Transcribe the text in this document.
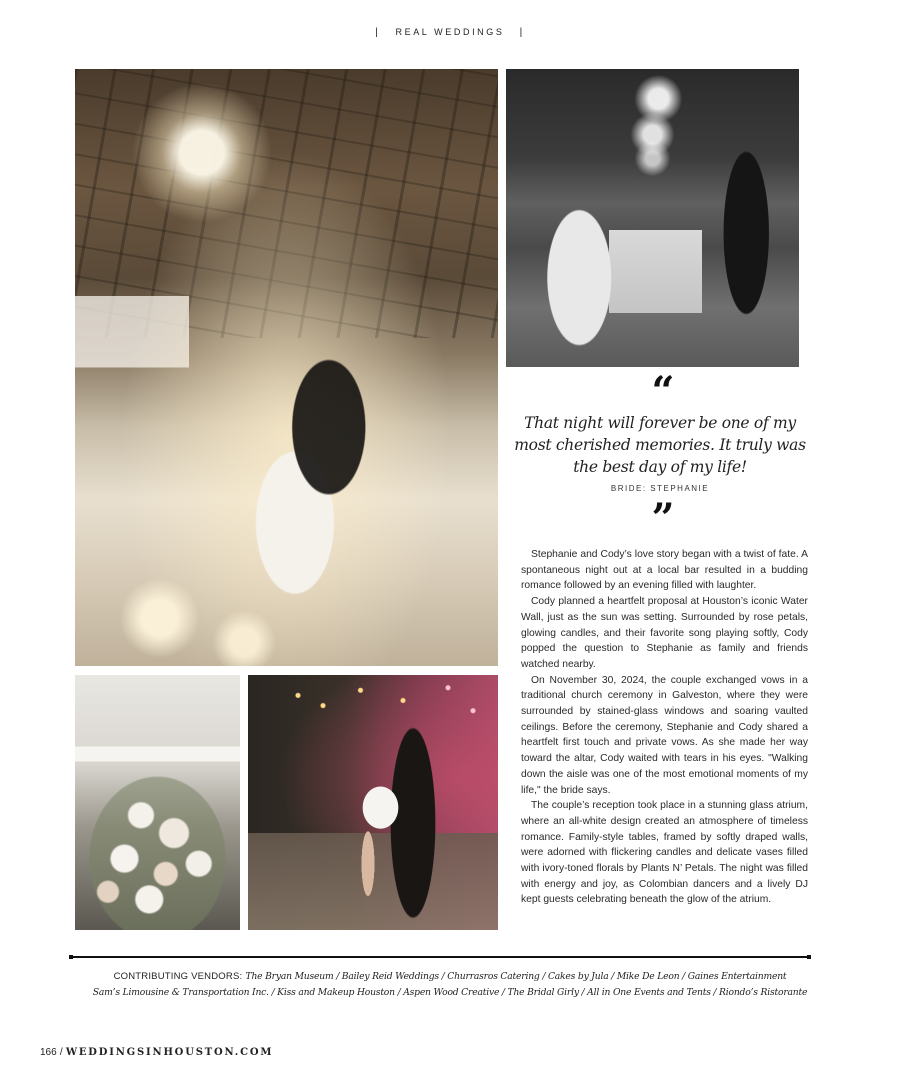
| REAL WEDDINGS |
“
That night will forever be one of my most cherished memories. It truly was the best day of my life!
BRIDE: STEPHANIE
”

Stephanie and Cody’s love story began with a twist of fate. A spontaneous night out at a local bar resulted in a budding romance followed by an evening filled with laughter.

Cody planned a heartfelt proposal at Houston’s iconic Water Wall, just as the sun was setting. Surrounded by rose petals, glowing candles, and their favorite song playing softly, Cody popped the question to Stephanie as family and friends watched nearby.

On November 30, 2024, the couple exchanged vows in a traditional church ceremony in Galveston, where they were surrounded by stained-glass windows and soaring vaulted ceilings. Before the ceremony, Stephanie and Cody shared a heartfelt first touch and private vows. As she made her way toward the altar, Cody waited with tears in his eyes. "Walking down the aisle was one of the most emotional moments of my life," the bride says.

The couple’s reception took place in a stunning glass atrium, where an all-white design created an atmosphere of timeless romance. Family-style tables, framed by softly draped walls, were adorned with flickering candles and delicate vases filled with ivory-toned florals by Plants N’ Petals. The night was filled with energy and joy, as Colombian dancers and a lively DJ kept guests celebrating beneath the glow of the atrium.

CONTRIBUTING VENDORS: The Bryan Museum / Bailey Reid Weddings / Churrasros Catering / Cakes by Jula / Mike De Leon / Gaines Entertainment
Sam’s Limousine & Transportation Inc. / Kiss and Makeup Houston / Aspen Wood Creative / The Bridal Girly / All in One Events and Tents / Riondo’s Ristorante
166 / WEDDINGSINHOUSTON.COM
